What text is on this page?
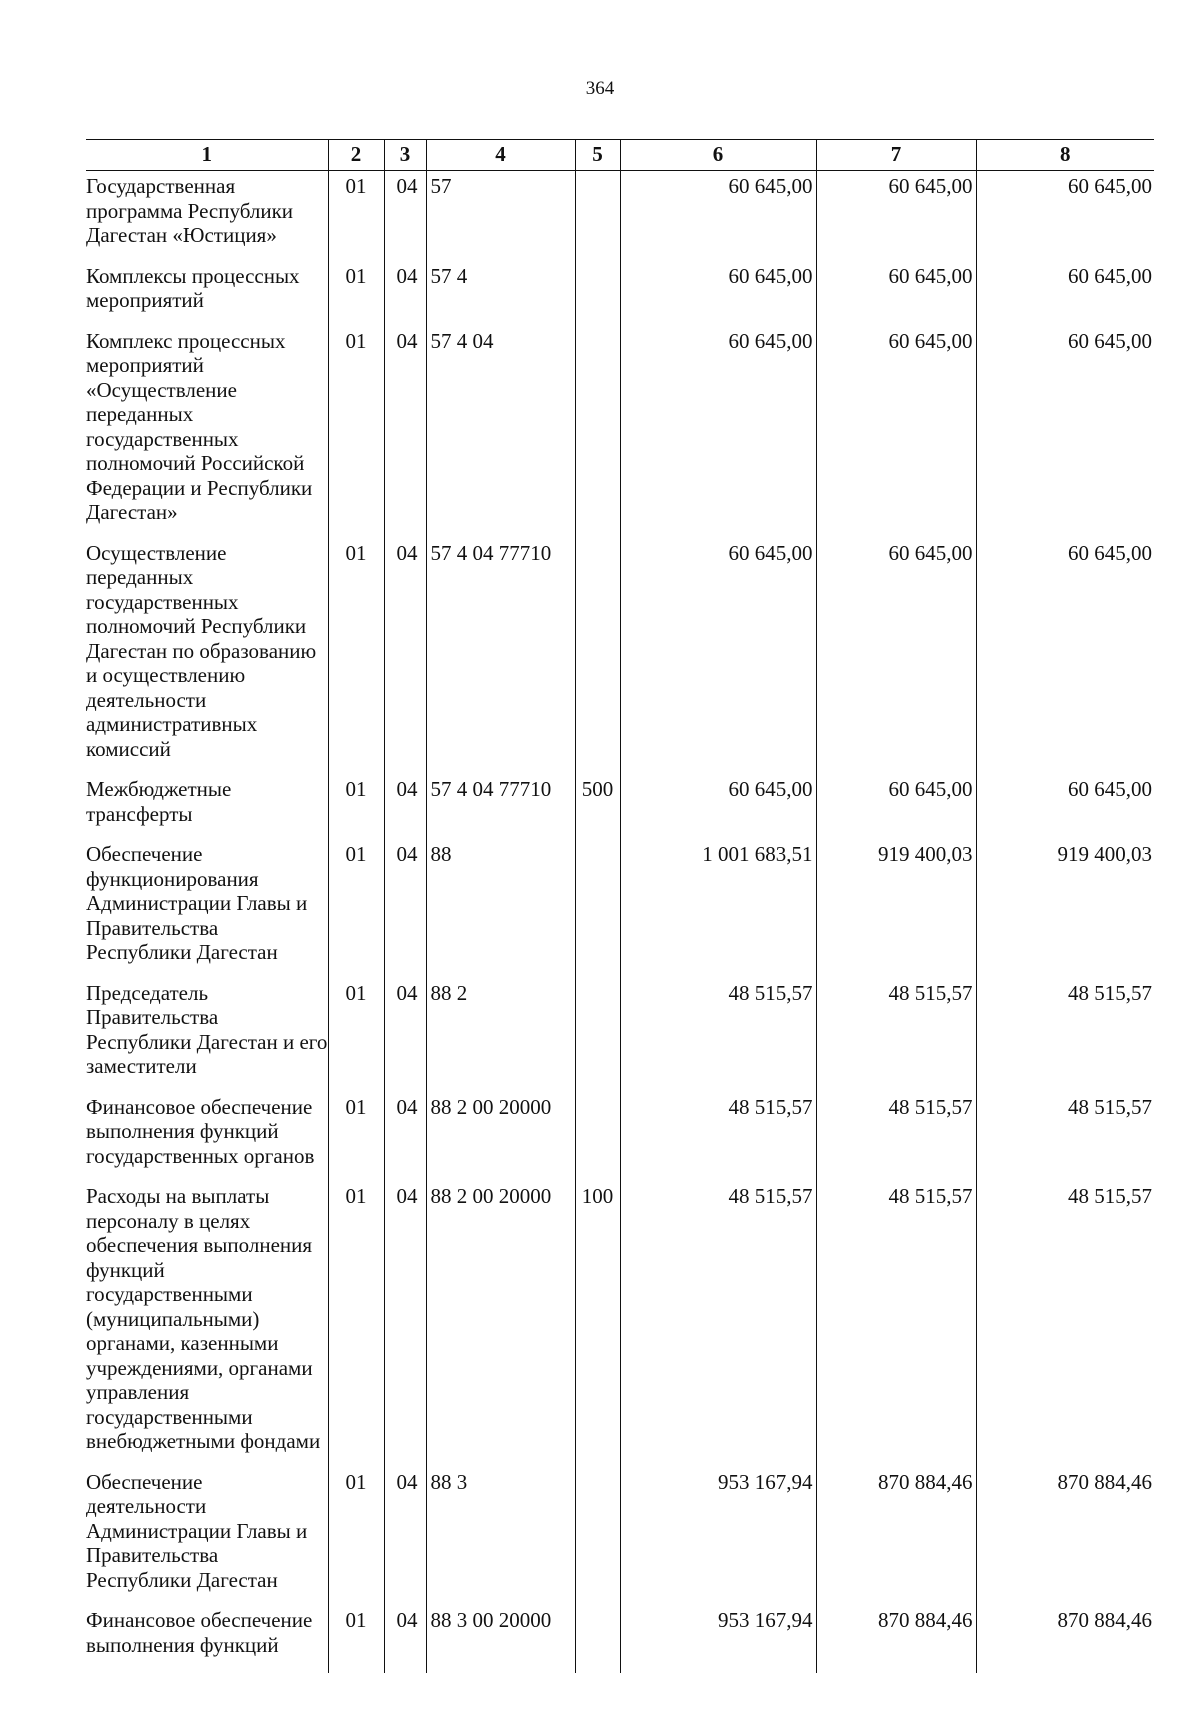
364
1	2	3	4	5	6	7	8
Государственная программа Республики Дагестан «Юстиция»	01	04	57		60 645,00	60 645,00	60 645,00
Комплексы процессных мероприятий	01	04	57 4		60 645,00	60 645,00	60 645,00
Комплекс процессных мероприятий «Осуществление переданных государственных полномочий Российской Федерации и Республики Дагестан»	01	04	57 4 04		60 645,00	60 645,00	60 645,00
Осуществление переданных государственных полномочий Республики Дагестан по образованию и осуществлению деятельности административных комиссий	01	04	57 4 04 77710		60 645,00	60 645,00	60 645,00
Межбюджетные трансферты	01	04	57 4 04 77710	500	60 645,00	60 645,00	60 645,00
Обеспечение функционирования Администрации Главы и Правительства Республики Дагестан	01	04	88		1 001 683,51	919 400,03	919 400,03
Председатель Правительства Республики Дагестан и его заместители	01	04	88 2		48 515,57	48 515,57	48 515,57
Финансовое обеспечение выполнения функций государственных органов	01	04	88 2 00 20000		48 515,57	48 515,57	48 515,57
Расходы на выплаты персоналу в целях обеспечения выполнения функций государственными (муниципальными) органами, казенными учреждениями, органами управления государственными внебюджетными фондами	01	04	88 2 00 20000	100	48 515,57	48 515,57	48 515,57
Обеспечение деятельности Администрации Главы и Правительства Республики Дагестан	01	04	88 3		953 167,94	870 884,46	870 884,46
Финансовое обеспечение выполнения функций	01	04	88 3 00 20000		953 167,94	870 884,46	870 884,46
